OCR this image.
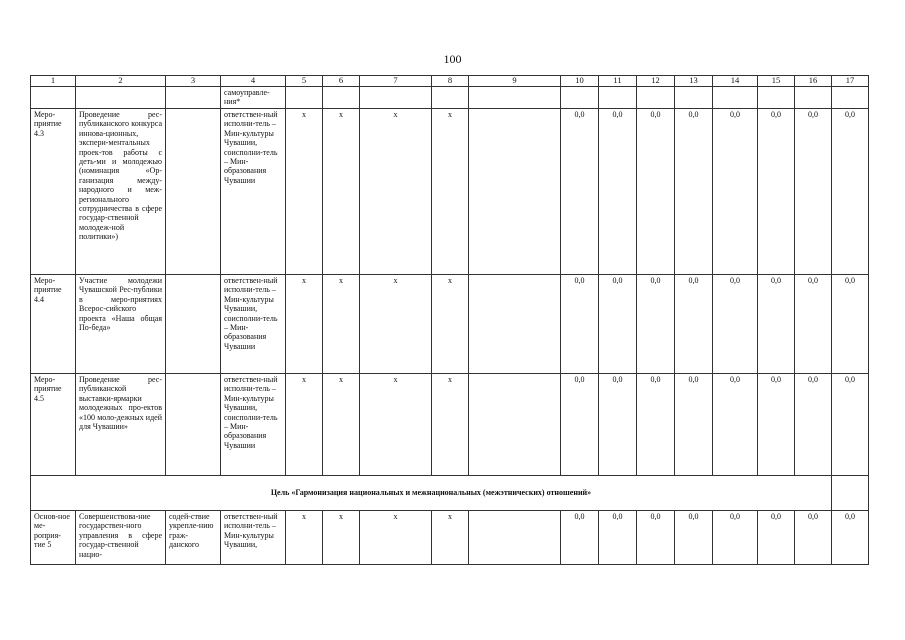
100
1	2	3	4	5	6	7	8	9	10	11	12	13	14	15	16	17
			самоуправле-ния*													
Меро-приятие 4.3	Проведение рес-публиканского конкурса иннова-ционных, экспери-ментальных проек-тов работы с деть-ми и молодежью (номинация «Ор-ганизация между-народного и меж-регионального сотрудничества в сфере государ-ственной молодеж-ной политики»)		ответствен-ный исполни-тель – Мин-культуры Чувашии, соисполни-тель – Мин-образования Чувашии	х	х	х	х		0,0	0,0	0,0	0,0	0,0	0,0	0,0	0,0
Меро-приятие 4.4	Участие молодежи Чувашской Рес-публики в меро-приятиях Всерос-сийского проекта «Наша общая По-беда»		ответствен-ный исполни-тель – Мин-культуры Чувашии, соисполни-тель – Мин-образования Чувашии	х	х	х	х		0,0	0,0	0,0	0,0	0,0	0,0	0,0	0,0
Меро-приятие 4.5	Проведение рес-публиканской выставки-ярмарки молодежных про-ектов «100 моло-дежных идей для Чувашии»		ответствен-ный исполни-тель – Мин-культуры Чувашии, соисполни-тель – Мин-образования Чувашии	х	х	х	х		0,0	0,0	0,0	0,0	0,0	0,0	0,0	0,0
Цель «Гармонизация национальных и межнациональных (межэтнических) отношений»																
Основ-ное ме-роприя-тие 5	Совершенствова-ние государствен-ного управления в сфере государ-ственной нацио-	содей-ствие укрепле-нию граж-данского	ответствен-ный исполни-тель – Мин-культуры Чувашии,	х	х	х	х		0,0	0,0	0,0	0,0	0,0	0,0	0,0	0,0
